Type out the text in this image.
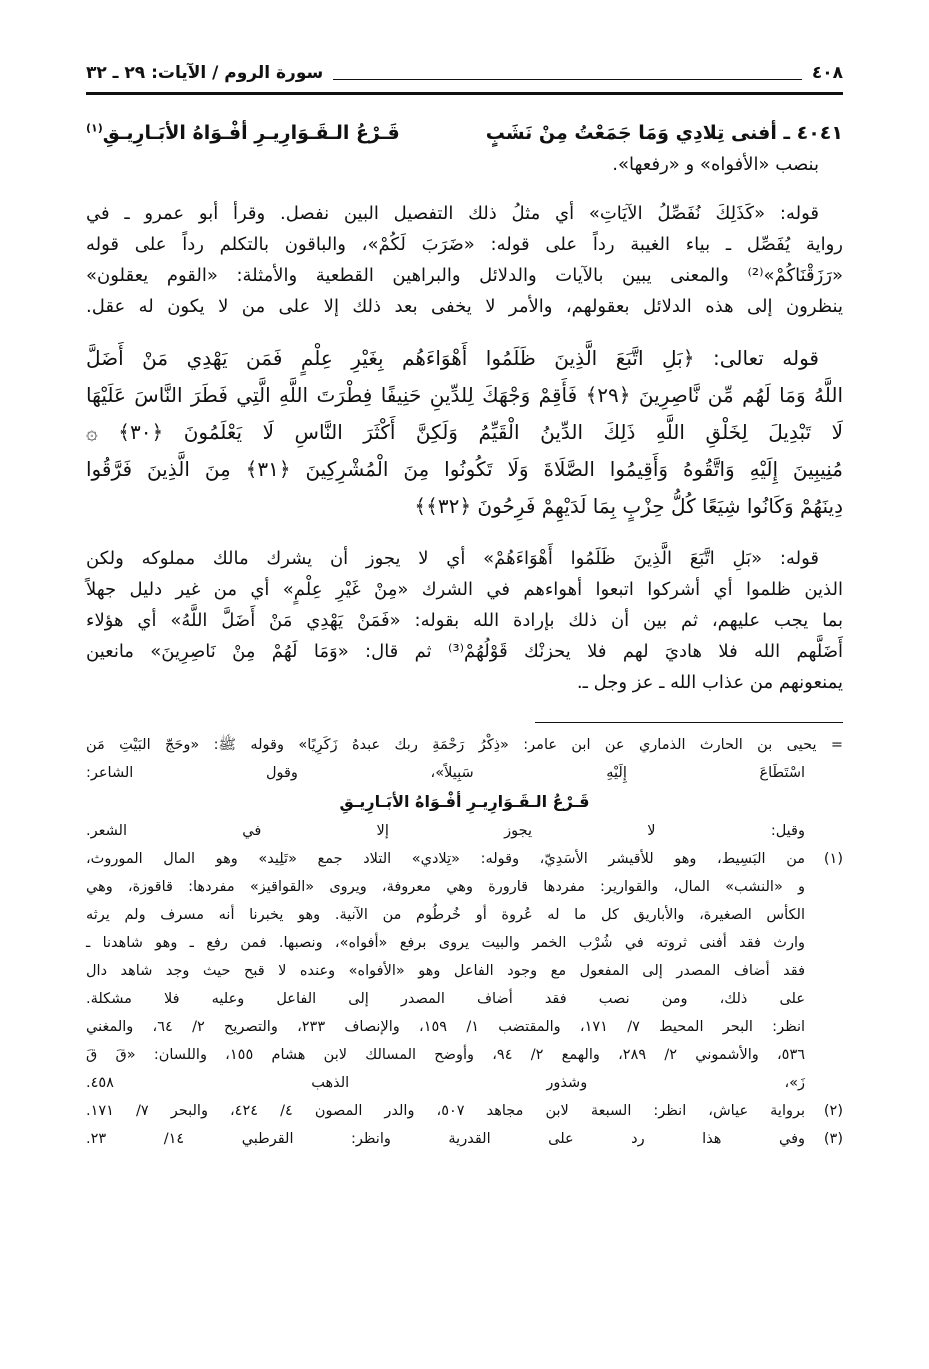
٤٠٨
سورة الروم / الآيات: ٢٩ ـ ٣٢
٤٠٤١ ـ أفنى تِلادِي وَمَا جَمَعْتُ مِنْ نَشَبٍ
قَـرْعُ الـقَـوَارِيـرِ أفْـوَاهُ الأبَـارِيـقِ$^{(١)}$
بنصب «الأفواه» و «رفعها».
قوله: «كَذَلِكَ نُفَصِّلُ الآيَاتِ» أي مثلُ ذلك التفصيل البين نفصل. وقرأ أبو عمرو ـ في
رواية يُفَصِّل ـ بياء الغيبة رداً على قوله: «ضَرَبَ لَكُمْ»، والباقون بالتكلم رداً على قوله
«رَزَقْنَاكُمْ»⁽²⁾ والمعنى يبين بالآيات والدلائل والبراهين القطعية والأمثلة: «القوم يعقلون»
ينظرون إلى هذه الدلائل بعقولهم، والأمر لا يخفى بعد ذلك إلا على من لا يكون له عقل.
قوله تعالى: ﴿بَلِ اتَّبَعَ الَّذِينَ ظَلَمُوا أَهْوَاءَهُم بِغَيْرِ عِلْمٍ فَمَن يَهْدِي مَنْ أَضَلَّ
اللَّهُ وَمَا لَهُم مِّن نَّاصِرِينَ ﴿٢٩﴾ فَأَقِمْ وَجْهَكَ لِلدِّينِ حَنِيفًا فِطْرَتَ اللَّهِ الَّتِي فَطَرَ النَّاسَ عَلَيْهَا
لَا تَبْدِيلَ لِخَلْقِ اللَّهِ ذَلِكَ الدِّينُ الْقَيِّمُ وَلَكِنَّ أَكْثَرَ النَّاسِ لَا يَعْلَمُونَ ﴿٣٠﴾ ۞
مُنِيبِينَ إِلَيْهِ وَاتَّقُوهُ وَأَقِيمُوا الصَّلَاةَ وَلَا تَكُونُوا مِنَ الْمُشْرِكِينَ ﴿٣١﴾ مِنَ الَّذِينَ فَرَّقُوا
دِينَهُمْ وَكَانُوا شِيَعًا كُلُّ حِزْبٍ بِمَا لَدَيْهِمْ فَرِحُونَ ﴿٣٢﴾﴾
قوله: «بَلِ اتَّبَعَ الَّذِينَ ظَلَمُوا أَهْوَاءَهُمْ» أي لا يجوز أن يشرك مالك مملوكه ولكن
الذين ظلموا أي أشركوا اتبعوا أهواءهم في الشرك «مِنْ غَيْرِ عِلْمٍ» أي من غير دليل جهلاً
بما يجب عليهم، ثم بين أن ذلك بإرادة الله بقوله: «فَمَنْ يَهْدِي مَنْ أَضَلَّ اللَّهُ» أي هؤلاء
أَضَلَّهم الله فلا هاديَ لهم فلا يحزنْك قَوْلُهُمْ⁽³⁾ ثم قال: «وَمَا لَهُمْ مِنْ نَاصِرِينَ» مانعين
يمنعونهم من عذاب الله ـ عز وجل ـ.
= يحيى بن الحارث الذماري عن ابن عامر: «ذِكْرُ رَحْمَةِ ربك عبدهُ زَكَرِيًا» وقوله ﷺ: «وحَجّ البَيْتِ مَن
اسْتَطَاعَ إِلَيْهِ سَبِيلاً»، وقول الشاعر:
قَـرْعُ الـقَـوَارِيـرِ أفْـوَاهُ الأبَـارِيـقِ
وقيل: لا يجوز إلا في الشعر.
(١)
من البَسِيط، وهو للأقيشر الأسَدِيّ، وقوله: «تِلادي» التلاد جمع «تَلِيد» وهو المال الموروث،
و «النشب» المال، والقوارير: مفردها قارورة وهي معروفة، ويروى «القواقيز» مفردها: قاقوزة، وهي
الكأس الصغيرة، والأباريق كل ما له عُروة أو خُرطُوم من الآنية. وهو يخبرنا أنه مسرف ولم يرثه
وارث فقد أفنى ثروته في شُرْب الخمر والبيت يروى برفع «أفواه»، ونصبها. فمن رفع ـ وهو شاهدنا ـ
فقد أضاف المصدر إلى المفعول مع وجود الفاعل وهو «الأفواه» وعنده لا قبح حيث وجد شاهد دال
على ذلك، ومن نصب فقد أضاف المصدر إلى الفاعل وعليه فلا مشكلة.
انظر: البحر المحيط ٧/ ١٧١، والمقتضب ١/ ١٥٩، والإنصاف ٢٣٣، والتصريح ٢/ ٦٤، والمغني
٥٣٦، والأشموني ٢/ ٢٨٩، والهمع ٢/ ٩٤، وأوضح المسالك لابن هشام ١٥٥، واللسان: «قَ قَ
زَ»، وشذور الذهب ٤٥٨.
(٢)
برواية عياش، انظر: السبعة لابن مجاهد ٥٠٧، والدر المصون ٤/ ٤٢٤، والبحر ٧/ ١٧١.
(٣)
وفي هذا رد على القدرية وانظر: القرطبي ١٤/ ٢٣.
